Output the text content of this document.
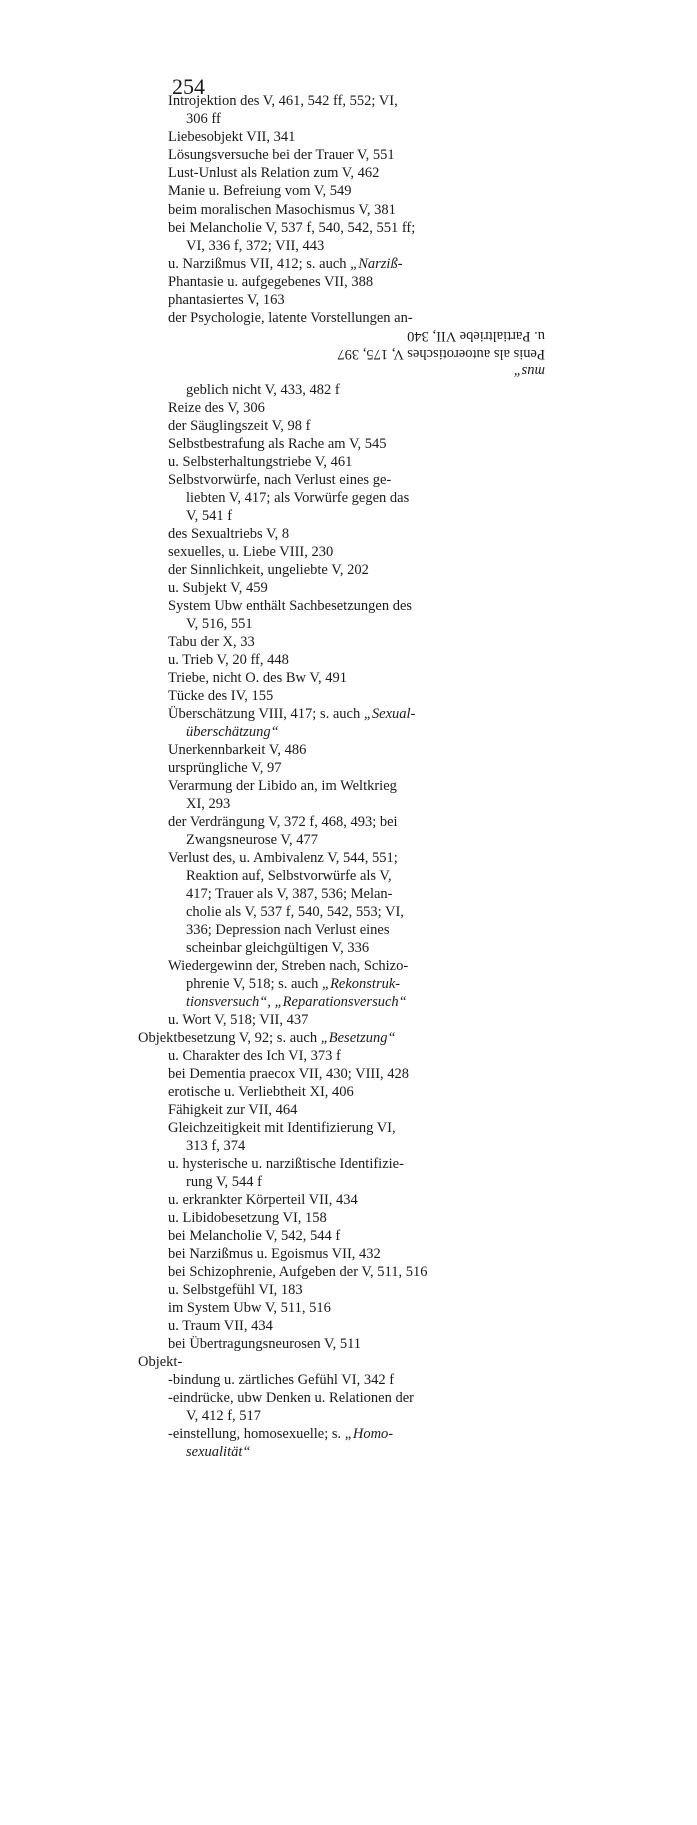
254
Introjektion des V, 461, 542 ff, 552; VI,
306 ff
Liebesobjekt VII, 341
Lösungsversuche bei der Trauer V, 551
Lust-Unlust als Relation zum V, 462
Manie u. Befreiung vom V, 549
beim moralischen Masochismus V, 381
bei Melancholie V, 537 f, 540, 542, 551 ff;
VI, 336 f, 372; VII, 443
u. Narzißmus VII, 412; s. auch „Narziß-
Phantasie u. aufgegebenes VII, 388
phantasiertes V, 163
der Psychologie, latente Vorstellungen an-
Penis als autoerotisches V, 175, 397
u. Partialtriebe VII, 340
mus“
geblich nicht V, 433, 482 f
Reize des V, 306
der Säuglingszeit V, 98 f
Selbstbestrafung als Rache am V, 545
u. Selbsterhaltungstriebe V, 461
Selbstvorwürfe, nach Verlust eines ge-
liebten V, 417; als Vorwürfe gegen das
V, 541 f
des Sexualtriebs V, 8
sexuelles, u. Liebe VIII, 230
der Sinnlichkeit, ungeliebte V, 202
u. Subjekt V, 459
System Ubw enthält Sachbesetzungen des
V, 516, 551
Tabu der X, 33
u. Trieb V, 20 ff, 448
Triebe, nicht O. des Bw V, 491
Tücke des IV, 155
Überschätzung VIII, 417; s. auch „Sexual-
überschätzung“
Unerkennbarkeit V, 486
ursprüngliche V, 97
Verarmung der Libido an, im Weltkrieg
XI, 293
der Verdrängung V, 372 f, 468, 493; bei
Zwangsneurose V, 477
Verlust des, u. Ambivalenz V, 544, 551;
Reaktion auf, Selbstvorwürfe als V,
417; Trauer als V, 387, 536; Melan-
cholie als V, 537 f, 540, 542, 553; VI,
336; Depression nach Verlust eines
scheinbar gleichgültigen V, 336
Wiedergewinn der, Streben nach, Schizo-
phrenie V, 518; s. auch „Rekonstruk-
tionsversuch“, „Reparationsversuch“
u. Wort V, 518; VII, 437
Objektbesetzung V, 92; s. auch „Besetzung“
u. Charakter des Ich VI, 373 f
bei Dementia praecox VII, 430; VIII, 428
erotische u. Verliebtheit XI, 406
Fähigkeit zur VII, 464
Gleichzeitigkeit mit Identifizierung VI,
313 f, 374
u. hysterische u. narzißtische Identifizie-
rung V, 544 f
u. erkrankter Körperteil VII, 434
u. Libidobesetzung VI, 158
bei Melancholie V, 542, 544 f
bei Narzißmus u. Egoismus VII, 432
bei Schizophrenie, Aufgeben der V, 511, 516
u. Selbstgefühl VI, 183
im System Ubw V, 511, 516
u. Traum VII, 434
bei Übertragungsneurosen V, 511
Objekt-
-bindung u. zärtliches Gefühl VI, 342 f
-eindrücke, ubw Denken u. Relationen der
V, 412 f, 517
-einstellung, homosexuelle; s. „Homo-
sexualität“
